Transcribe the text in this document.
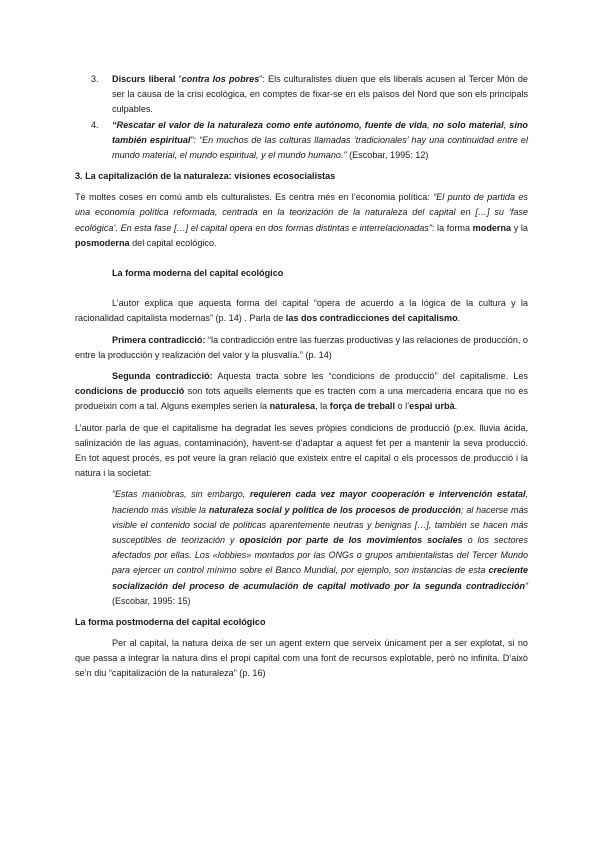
3. Discurs liberal “contra los pobres”: Els culturalistes diuen que els liberals acusen al Tercer Món de ser la causa de la crisi ecològica, en comptes de fixar-se en els països del Nord que son els principals culpables.

4. “Rescatar el valor de la naturaleza como ente autónomo, fuente de vida, no solo material, sino también espiritual”: “En muchos de las culturas llamadas ‘tradicionales’ hay una continuidad entre el mundo material, el mundo espiritual, y el mundo humano.” (Escobar, 1995: 12)

3. La capitalización de la naturaleza: visiones ecosocialistas

Té moltes coses en comú amb els culturalistes. Es centra més en l’economia política: “El punto de partida es una economía política reformada, centrada en la teorización de la naturaleza del capital en […] su ‘fase ecológica’. En esta fase […] el capital opera en dos formas distintas e interrelacionadas”: la forma moderna y la posmoderna del capital ecológico.

La forma moderna del capital ecológico

L’autor explica que aquesta forma del capital “opera de acuerdo a la lógica de la cultura y la racionalidad capitalista modernas” (p. 14) . Parla de las dos contradicciones del capitalismo.

Primera contradicció: “la contradicción entre las fuerzas productivas y las relaciones de producción, o entre la producción y realización del valor y la plusvalía.” (p. 14)

Segunda contradicció: Aquesta tracta sobre les “condicions de producció” del capitalisme. Les condicions de producció son tots aquells elements que es tracten com a una mercaderia encara que no es produeixin com a tal. Alguns exemples serien la naturalesa, la força de treball o l’espai urbà.

L’autor parla de que el capitalisme ha degradat les seves pròpies condicions de producció (p.ex. lluvia ácida, salinización de las aguas, contaminación), havent-se d’adaptar a aquest fet per a mantenir la seva producció. En tot aquest procés, es pot veure la gran relació que existeix entre el capital o els processos de producció i la natura i la societat:

“Estas maniobras, sin embargo, requieren cada vez mayor cooperación e intervención estatal, haciendo más visible la naturaleza social y política de los procesos de producción; al hacerse más visible el contenido social de políticas aparentemente neutras y benignas […], también se hacen más susceptibles de teorización y oposición por parte de los movimientos sociales o los sectores afectados por ellas. Los «lobbies» montados por las ONGs o grupos ambientalistas del Tercer Mundo para ejercer un control mínimo sobre el Banco Mundial, por ejemplo, son instancias de esta creciente socialización del proceso de acumulación de capital motivado por la segunda contradicción” (Escobar, 1995: 15)

La forma postmoderna del capital ecológico

Per al capital, la natura deixa de ser un agent extern que serveix únicament per a ser explotat, si no que passa a integrar la natura dins el propi capital com una font de recursos explotable, però no infinita. D’això se’n diu “capitalización de la naturaleza” (p. 16)
